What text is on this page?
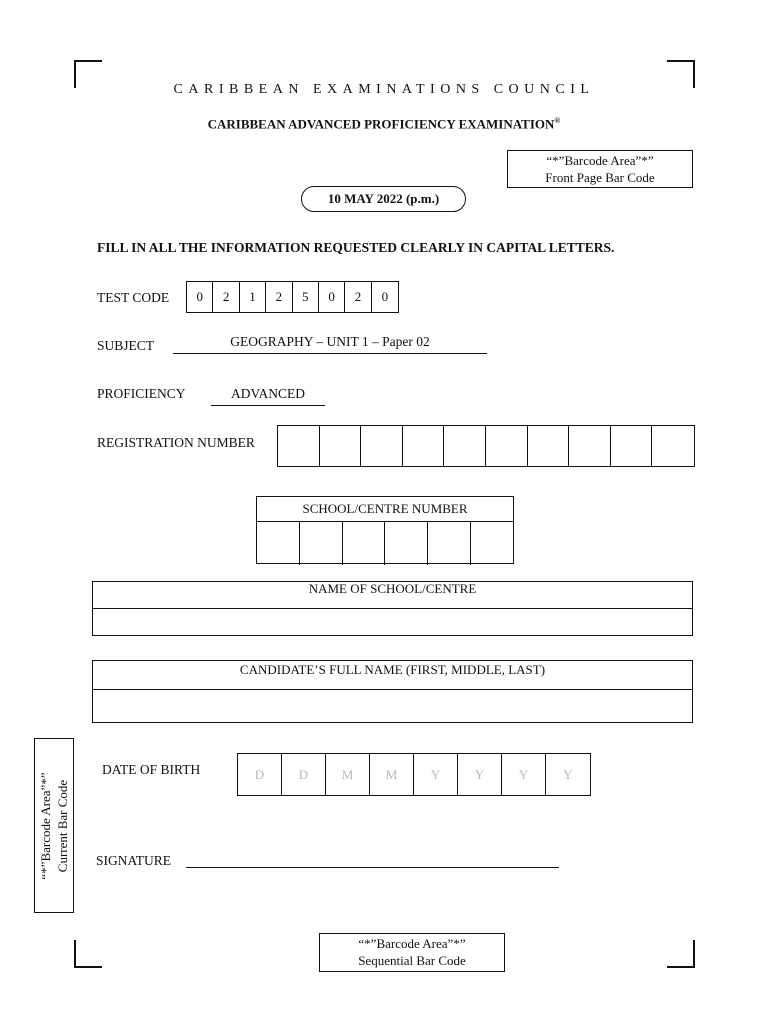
CARIBBEAN EXAMINATIONS COUNCIL
CARIBBEAN ADVANCED PROFICIENCY EXAMINATION®
“*”Barcode Area”*”
Front Page Bar Code
10 MAY 2022 (p.m.)
FILL IN ALL THE INFORMATION REQUESTED CLEARLY IN CAPITAL LETTERS.
TEST CODE	0	2	1	2	5	0	2	0
SUBJECT	GEOGRAPHY – UNIT 1 – Paper 02
PROFICIENCY	ADVANCED
REGISTRATION NUMBER
SCHOOL/CENTRE NUMBER
NAME OF SCHOOL/CENTRE
CANDIDATE’S FULL NAME (FIRST, MIDDLE, LAST)
“*”Barcode Area”*” Current Bar Code
DATE OF BIRTH	D	D	M	M	Y	Y	Y	Y
SIGNATURE
“*”Barcode Area”*”
Sequential Bar Code
